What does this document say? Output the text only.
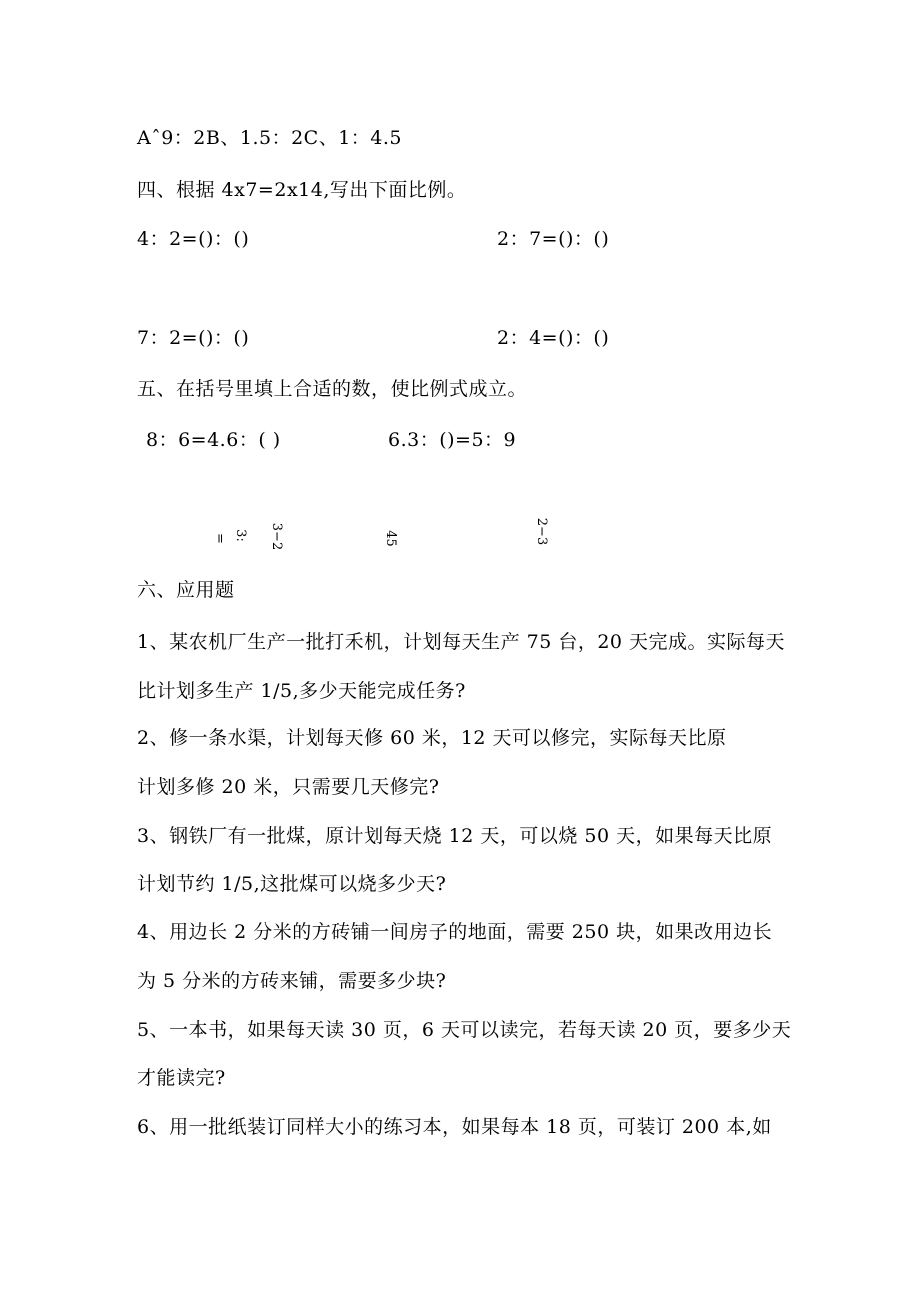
Aˆ9：2B、1.5：2C、1：4.5
四、根据 4x7=2x14,写出下面比例。
4：2=()：()	2：7=()：()
7：2=()：()	2：4=()：()
五、在括号里填上合适的数，使比例式成立。
8：6=4.6：( )	6.3：()=5：9
= 3: 3−2	45	2−3
六、应用题
1、某农机厂生产一批打禾机，计划每天生产 75 台，20 天完成。实际每天
比计划多生产 1/5,多少天能完成任务?
2、修一条水渠，计划每天修 60 米，12 天可以修完，实际每天比原
计划多修 20 米，只需要几天修完?
3、钢铁厂有一批煤，原计划每天烧 12 天，可以烧 50 天，如果每天比原
计划节约 1/5,这批煤可以烧多少天?
4、用边长 2 分米的方砖铺一间房子的地面，需要 250 块，如果改用边长
为 5 分米的方砖来铺，需要多少块?
5、一本书，如果每天读 30 页，6 天可以读完，若每天读 20 页，要多少天
才能读完?
6、用一批纸装订同样大小的练习本，如果每本 18 页，可装订 200 本,如
